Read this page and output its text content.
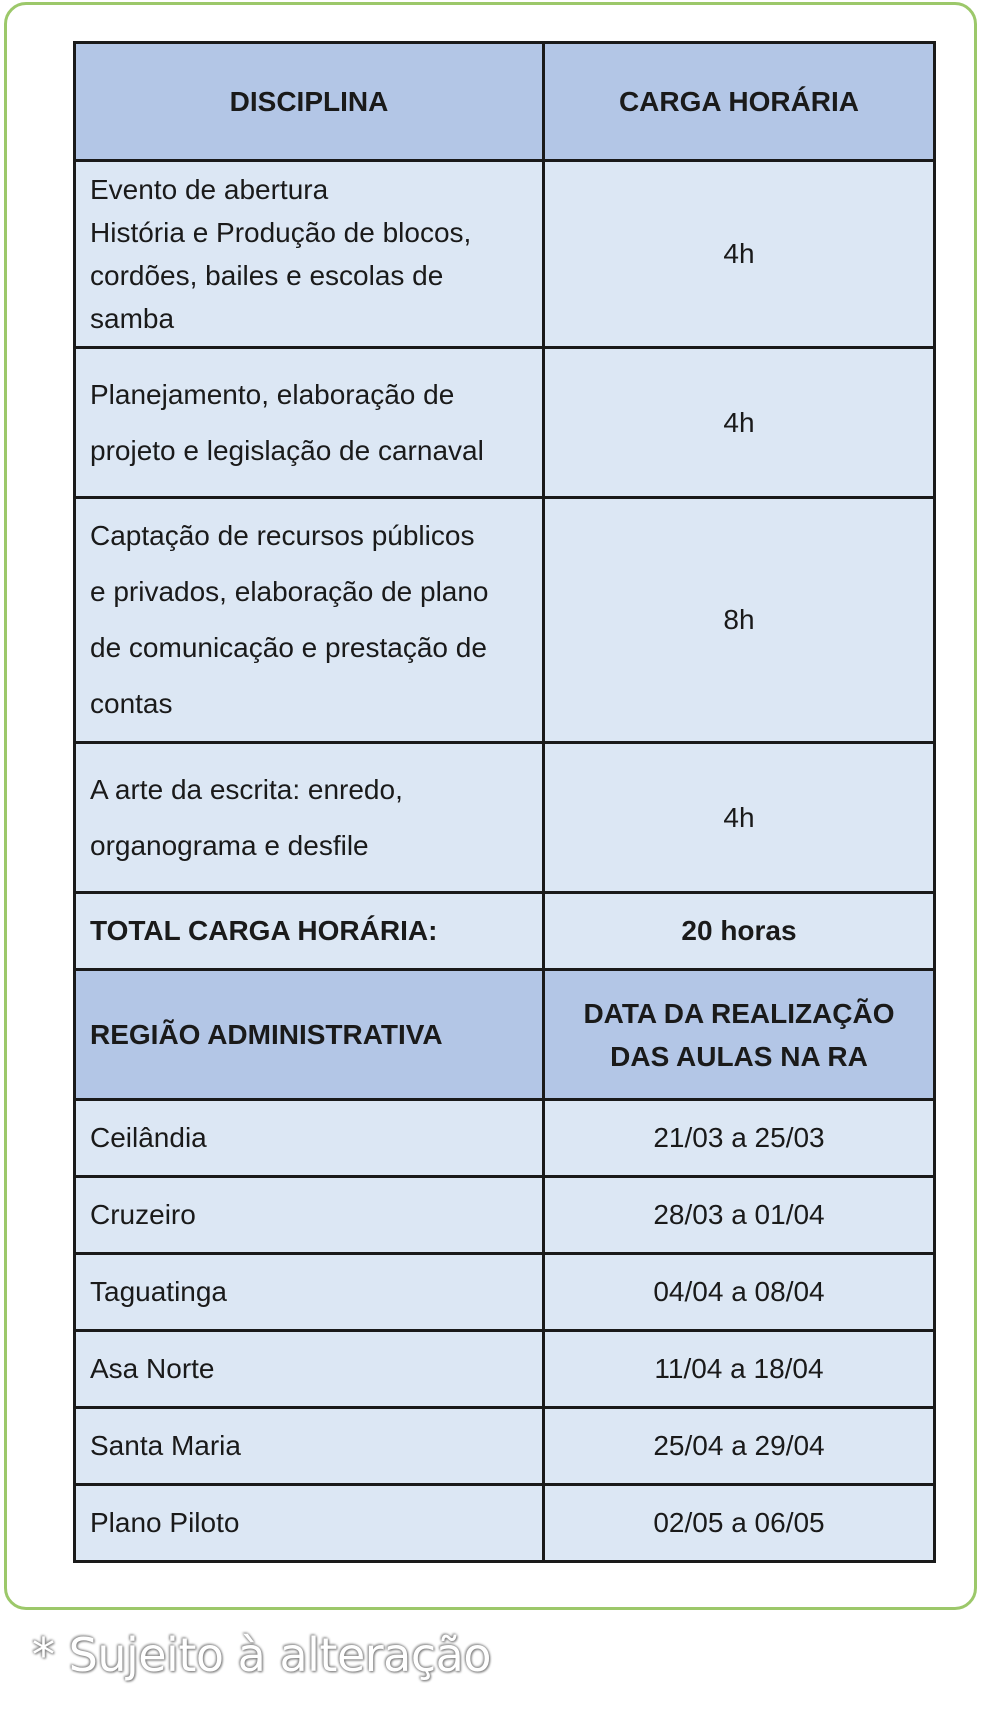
DISCIPLINA	CARGA HORÁRIA

Evento de abertura
História e Produção de blocos,
cordões, bailes e escolas de
samba	4h

Planejamento, elaboração de
projeto e legislação de carnaval	4h

Captação de recursos públicos
e privados, elaboração de plano
de comunicação e prestação de
contas	8h

A arte da escrita: enredo,
organograma e desfile	4h
TOTAL CARGA HORÁRIA:	20 horas
REGIÃO ADMINISTRATIVA	DATA DA REALIZAÇÃO
DAS AULAS NA RA

Ceilândia	21/03 a 25/03
Cruzeiro	28/03 a 01/04
Taguatinga	04/04 a 08/04
Asa Norte	11/04 a 18/04
Santa Maria	25/04 a 29/04
Plano Piloto	02/05 a 06/05
* Sujeito à alteração
